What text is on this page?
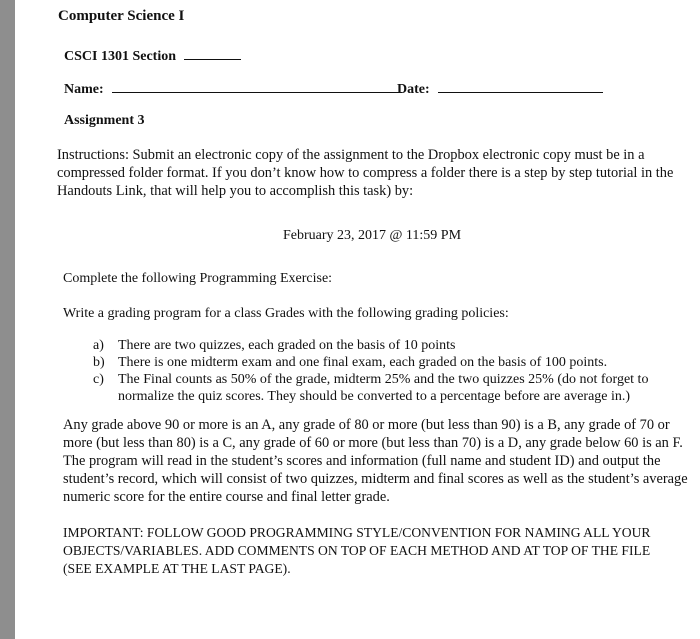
Computer Science I
CSCI 1301 Section
Name:	Date:
Assignment 3
Instructions: Submit an electronic copy of the assignment to the Dropbox electronic copy must be in a compressed folder format. If you don’t know how to compress a folder there is a step by step tutorial in the Handouts Link, that will help you to accomplish this task) by:
February 23, 2017 @ 11:59 PM
Complete the following Programming Exercise:
Write a grading program for a class Grades with the following grading policies:
a) There are two quizzes, each graded on the basis of 10 points
b) There is one midterm exam and one final exam, each graded on the basis of 100 points.
c) The Final counts as 50% of the grade, midterm 25% and the two quizzes 25% (do not forget to normalize the quiz scores. They should be converted to a percentage before are average in.)
Any grade above 90 or more is an A, any grade of 80 or more (but less than 90) is a B, any grade of 70 or more (but less than 80) is a C, any grade of 60 or more (but less than 70) is a D, any grade below 60 is an F. The program will read in the student’s scores and information (full name and student ID) and output the student’s record, which will consist of two quizzes, midterm and final scores as well as the student’s average numeric score for the entire course and final letter grade.
IMPORTANT: FOLLOW GOOD PROGRAMMING STYLE/CONVENTION FOR NAMING ALL YOUR OBJECTS/VARIABLES. ADD COMMENTS ON TOP OF EACH METHOD AND AT TOP OF THE FILE (SEE EXAMPLE AT THE LAST PAGE).
